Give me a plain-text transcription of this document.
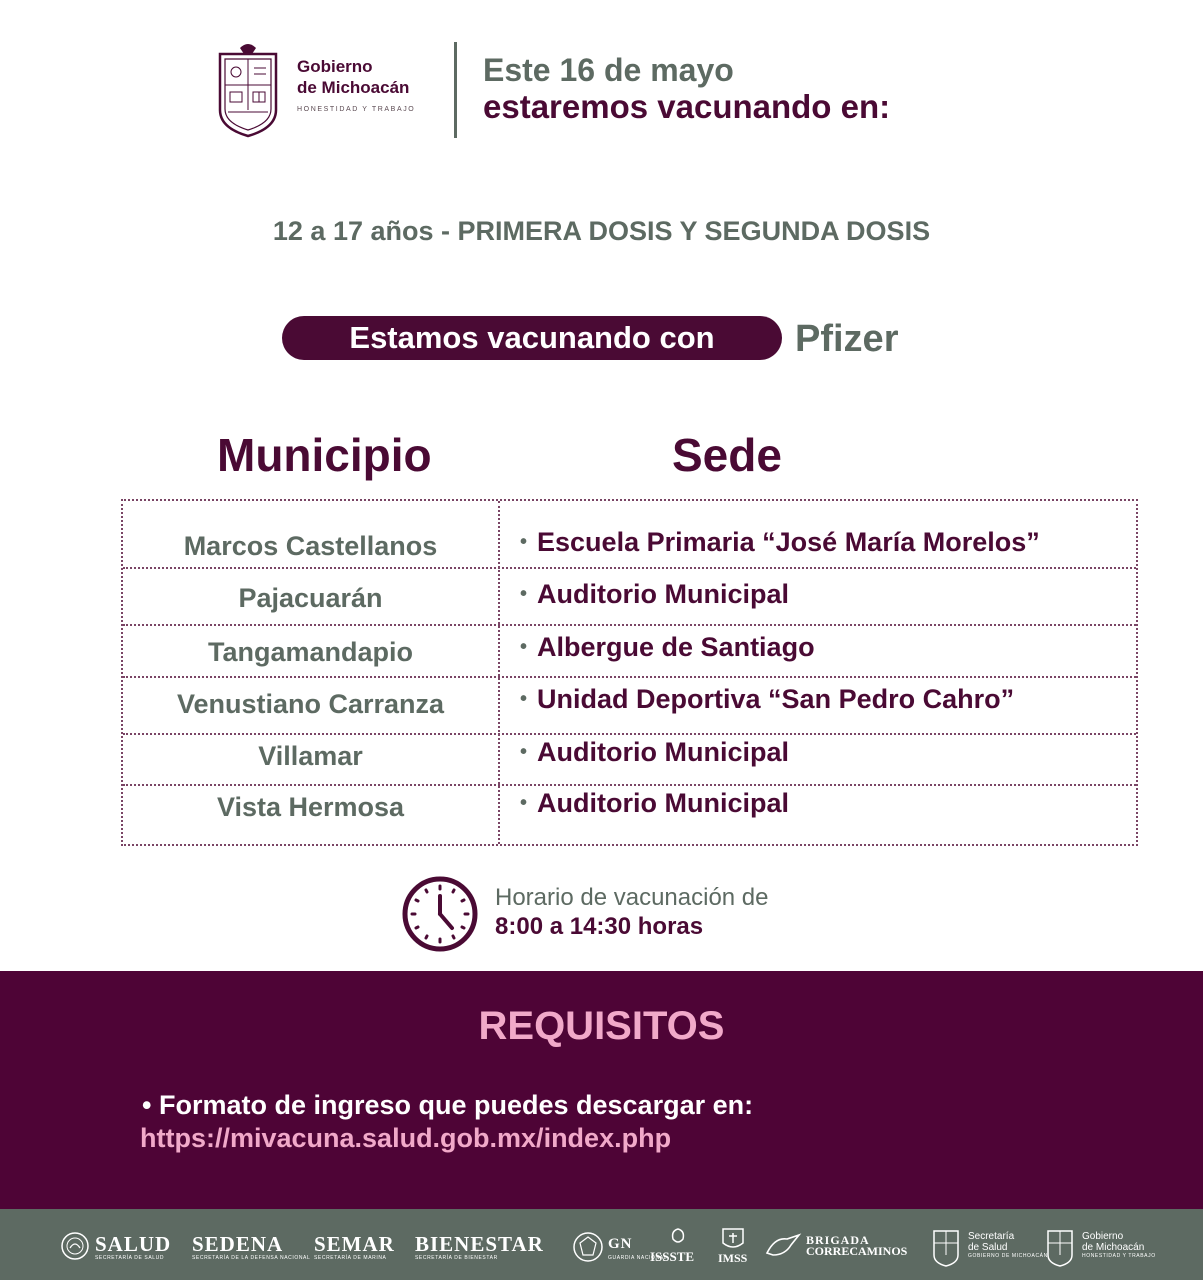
Gobierno
de Michoacán
HONESTIDAD Y TRABAJO
Este 16 de mayo
estaremos vacunando en:
12 a 17 años - PRIMERA DOSIS Y SEGUNDA DOSIS
Estamos vacunando con	Pfizer
Municipio	Sede
Marcos Castellanos	• Escuela Primaria “José María Morelos”
Pajacuarán	• Auditorio Municipal
Tangamandapio	• Albergue de Santiago
Venustiano Carranza	• Unidad Deportiva “San Pedro Cahro”
Villamar	• Auditorio Municipal
Vista Hermosa	• Auditorio Municipal
Horario de vacunación de
8:00 a 14:30 horas
REQUISITOS
• Formato de ingreso que puedes descargar en:
https://mivacuna.salud.gob.mx/index.php
SALUD
SECRETARÍA DE SALUD
SEDENA
SECRETARÍA DE LA DEFENSA NACIONAL
SEMAR
SECRETARÍA DE MARINA
BIENESTAR
SECRETARÍA DE BIENESTAR
GN
GUARDIA NACIONAL
ISSSTE IMSS
BRIGADA
CORRECAMINOS
Secretaría
de Salud
GOBIERNO DE MICHOACÁN
Gobierno
de Michoacán
HONESTIDAD Y TRABAJO
